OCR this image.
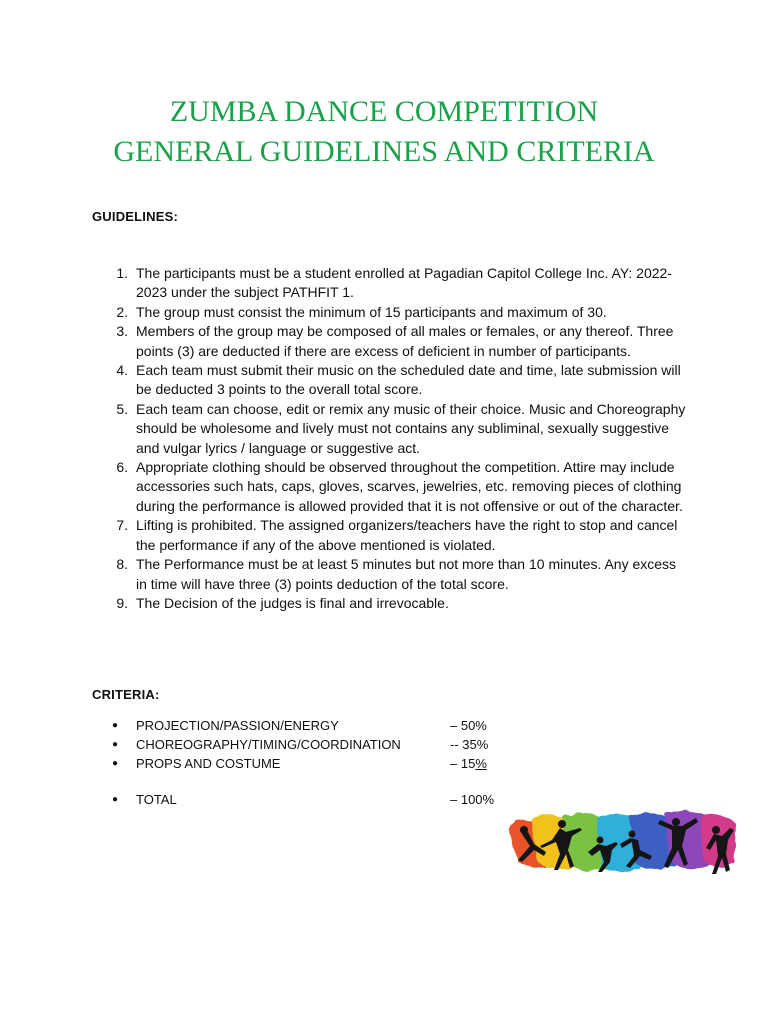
ZUMBA DANCE COMPETITION
GENERAL GUIDELINES AND CRITERIA

GUIDELINES:

1. The participants must be a student enrolled at Pagadian Capitol College Inc. AY: 2022-2023 under the subject PATHFIT 1.
2. The group must consist the minimum of 15 participants and maximum of 30.
3. Members of the group may be composed of all males or females, or any thereof. Three points (3) are deducted if there are excess of deficient in number of participants.
4. Each team must submit their music on the scheduled date and time, late submission will be deducted 3 points to the overall total score.
5. Each team can choose, edit or remix any music of their choice. Music and Choreography should be wholesome and lively must not contains any subliminal, sexually suggestive and vulgar lyrics / language or suggestive act.
6. Appropriate clothing should be observed throughout the competition. Attire may include accessories such hats, caps, gloves, scarves, jewelries, etc. removing pieces of clothing during the performance is allowed provided that it is not offensive or out of the character.
7. Lifting is prohibited. The assigned organizers/teachers have the right to stop and cancel the performance if any of the above mentioned is violated.
8. The Performance must be at least 5 minutes but not more than 10 minutes. Any excess in time will have three (3) points deduction of the total score.
9. The Decision of the judges is final and irrevocable.

CRITERIA:

● PROJECTION/PASSION/ENERGY	– 50%
● CHOREOGRAPHY/TIMING/COORDINATION	-- 35%
● PROPS AND COSTUME	– 15%
● TOTAL	– 100%
